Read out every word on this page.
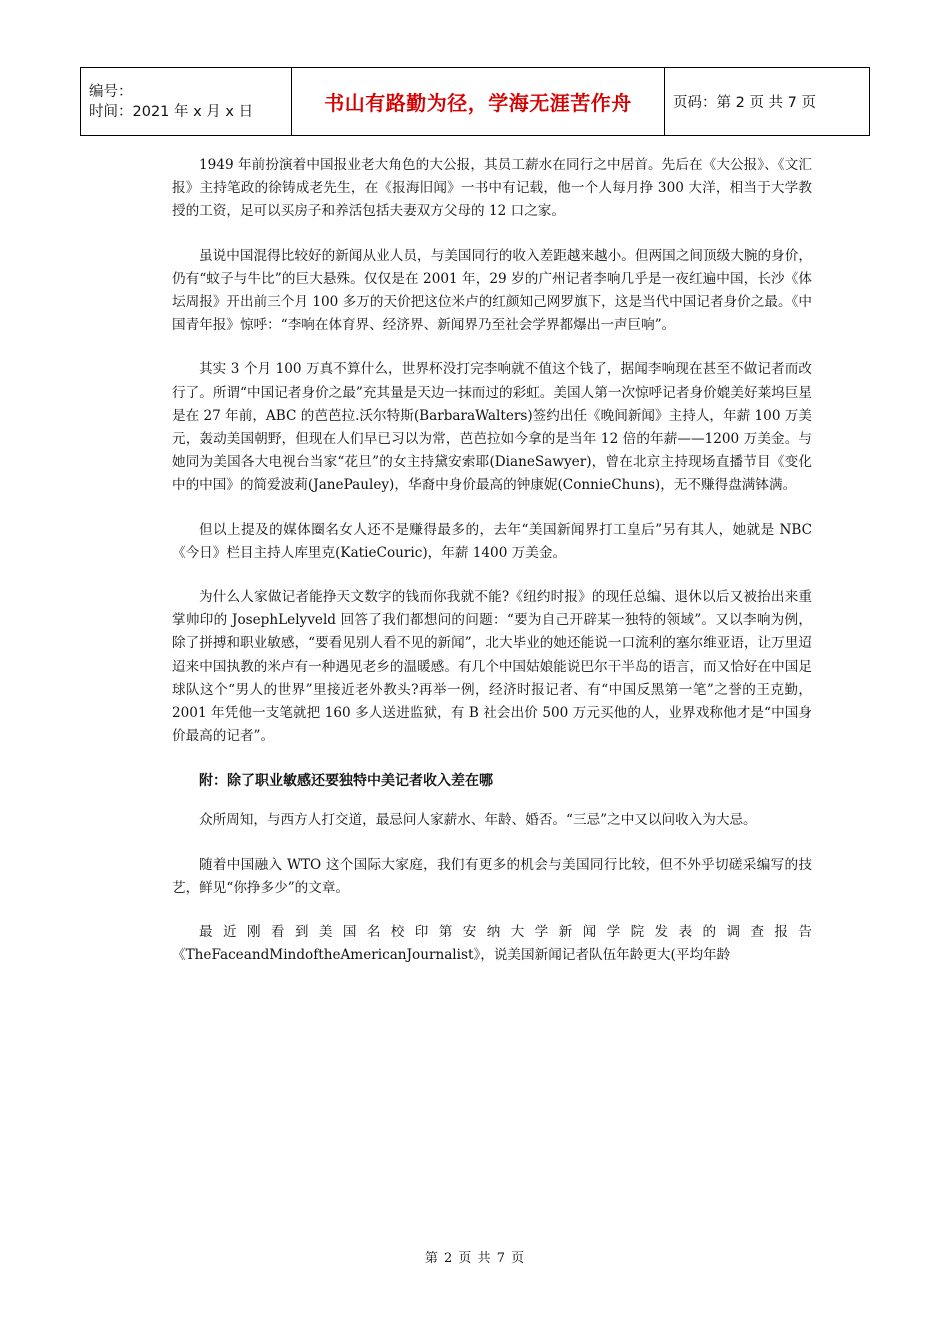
编号：
时间：2021 年 x 月 x 日	书山有路勤为径，学海无涯苦作舟	页码：第 2 页 共 7 页

1949 年前扮演着中国报业老大角色的大公报，其员工薪水在同行之中居首。先后在《大公报》、《文汇报》主持笔政的徐铸成老先生，在《报海旧闻》一书中有记载，他一个人每月挣 300 大洋，相当于大学教授的工资，足可以买房子和养活包括夫妻双方父母的 12 口之家。

虽说中国混得比较好的新闻从业人员，与美国同行的收入差距越来越小。但两国之间顶级大腕的身价，仍有“蚊子与牛比”的巨大悬殊。仅仅是在 2001 年，29 岁的广州记者李响几乎是一夜红遍中国，长沙《体坛周报》开出前三个月 100 多万的天价把这位米卢的红颜知己网罗旗下，这是当代中国记者身价之最。《中国青年报》惊呼：“李响在体育界、经济界、新闻界乃至社会学界都爆出一声巨响”。

其实 3 个月 100 万真不算什么，世界杯没打完李响就不值这个钱了，据闻李响现在甚至不做记者而改行了。所谓“中国记者身价之最”充其量是天边一抹而过的彩虹。美国人第一次惊呼记者身价媲美好莱坞巨星是在 27 年前，ABC 的芭芭拉.沃尔特斯(BarbaraWalters)签约出任《晚间新闻》主持人，年薪 100 万美元，轰动美国朝野，但现在人们早已习以为常，芭芭拉如今拿的是当年 12 倍的年薪——1200 万美金。与她同为美国各大电视台当家“花旦”的女主持黛安索耶(DianeSawyer)，曾在北京主持现场直播节目《变化中的中国》的简爱波莉(JanePauley)，华裔中身价最高的钟康妮(ConnieChuns)，无不赚得盘满钵满。

但以上提及的媒体圈名女人还不是赚得最多的，去年“美国新闻界打工皇后”另有其人，她就是 NBC《今日》栏目主持人库里克(KatieCouric)，年薪 1400 万美金。

为什么人家做记者能挣天文数字的钱而你我就不能?《纽约时报》的现任总编、退休以后又被抬出来重掌帅印的 JosephLelyveld 回答了我们都想问的问题：“要为自己开辟某一独特的领域”。又以李响为例，除了拼搏和职业敏感，“要看见别人看不见的新闻”，北大毕业的她还能说一口流利的塞尔维亚语，让万里迢迢来中国执教的米卢有一种遇见老乡的温暖感。有几个中国姑娘能说巴尔干半岛的语言，而又恰好在中国足球队这个“男人的世界”里接近老外教头?再举一例，经济时报记者、有“中国反黑第一笔”之誉的王克勤，2001 年凭他一支笔就把 160 多人送进监狱，有 B 社会出价 500 万元买他的人，业界戏称他才是“中国身价最高的记者”。

附：除了职业敏感还要独特中美记者收入差在哪

众所周知，与西方人打交道，最忌问人家薪水、年龄、婚否。“三忌”之中又以问收入为大忌。

随着中国融入 WTO 这个国际大家庭，我们有更多的机会与美国同行比较，但不外乎切磋采编写的技艺，鲜见“你挣多少”的文章。

最近刚看到美国名校印第安纳大学新闻学院发表的调查报告《TheFaceandMindoftheAmericanJournalist》，说美国新闻记者队伍年龄更大(平均年龄

第 2 页 共 7 页
